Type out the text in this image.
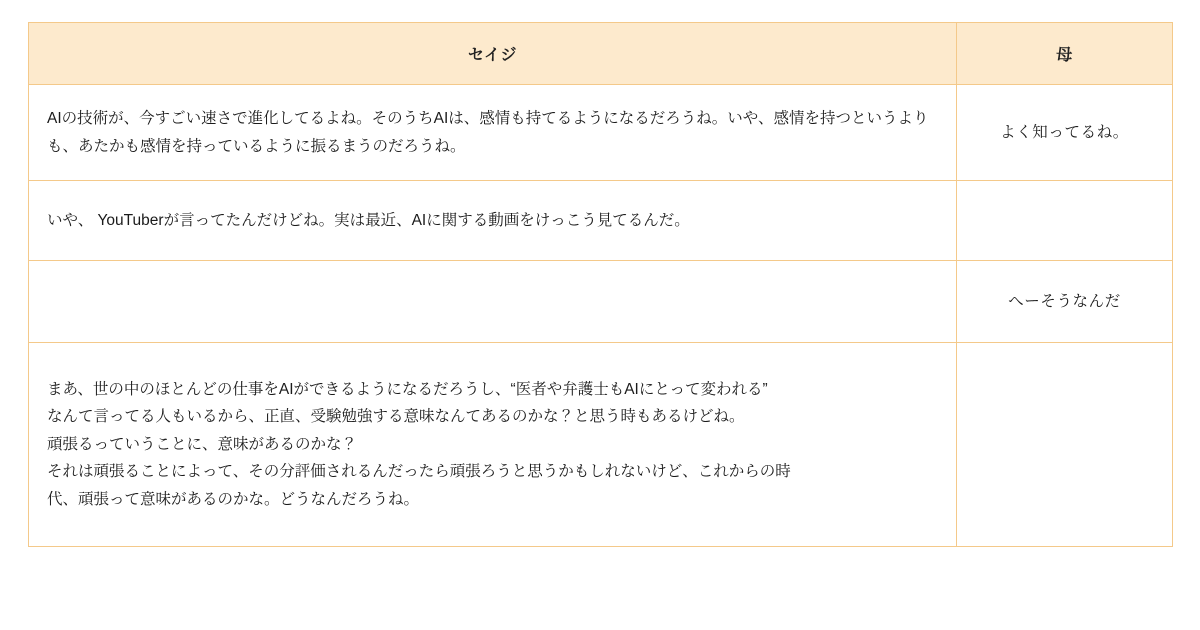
セイジ	母
AIの技術が、今すごい速さで進化してるよね。そのうちAIは、感情も持てるようになるだろうね。いや、感情を持つというよりも、あたかも感情を持っているように振るまうのだろうね。	よく知ってるね。
いや、 YouTuberが言ってたんだけどね。実は最近、AIに関する動画をけっこう見てるんだ。	
	へーそうなんだ

まあ、世の中のほとんどの仕事をAIができるようになるだろうし、“医者や弁護士もAIにとって変われる”
なんて言ってる人もいるから、正直、受験勉強する意味なんてあるのかな？と思う時もあるけどね。
頑張るっていうことに、意味があるのかな？
それは頑張ることによって、その分評価されるんだったら頑張ろうと思うかもしれないけど、これからの時
代、頑張って意味があるのかな。どうなんだろうね。	
